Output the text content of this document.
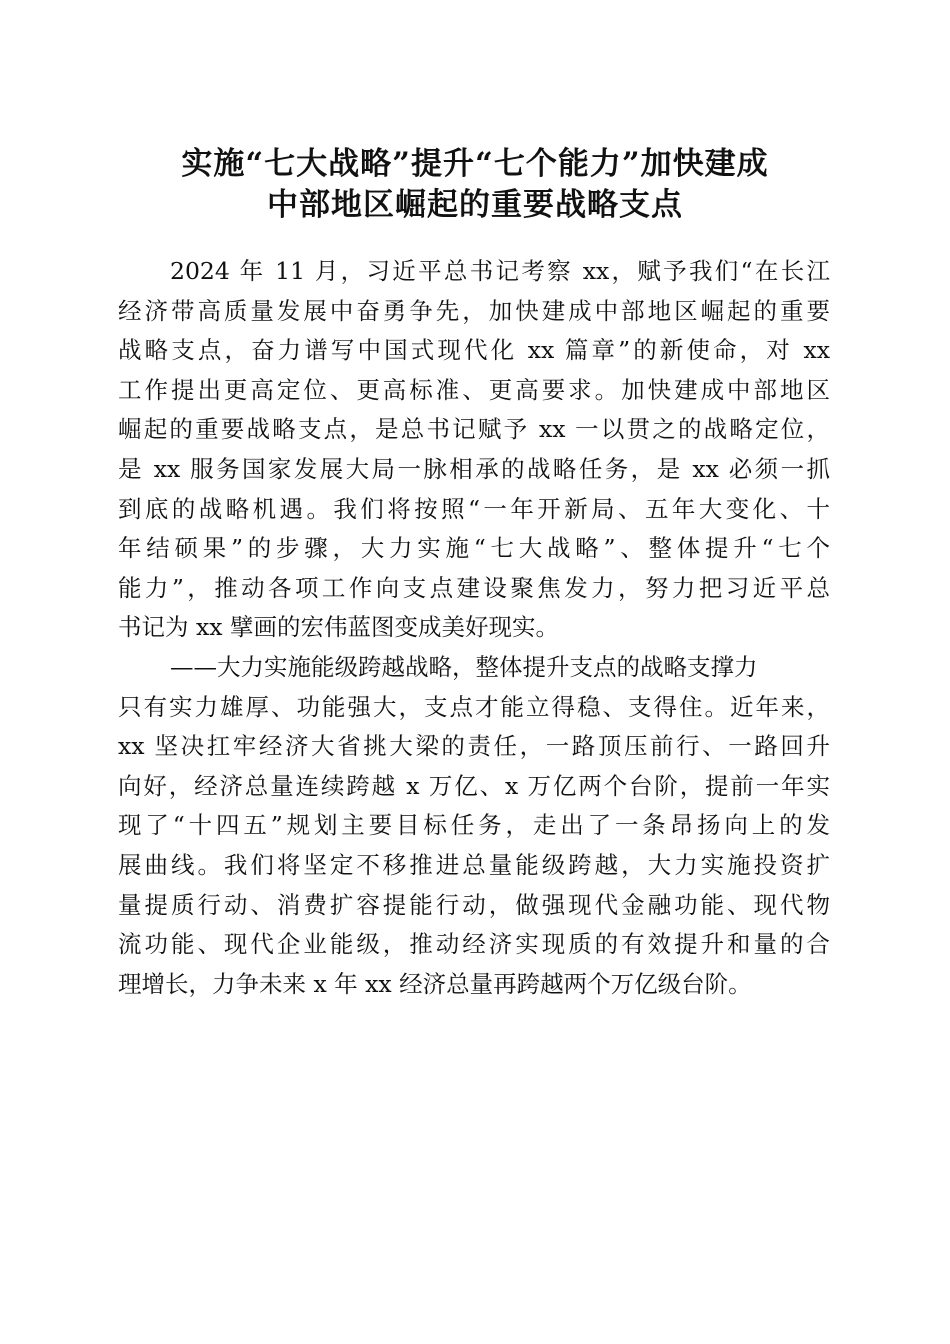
实施“七大战略”提升“七个能力”加快建成
中部地区崛起的重要战略支点
2024 年 11 月，习近平总书记考察 xx，赋予我们“在长江
经济带高质量发展中奋勇争先，加快建成中部地区崛起的重要
战略支点，奋力谱写中国式现代化 xx 篇章”的新使命，对 xx
工作提出更高定位、更高标准、更高要求。加快建成中部地区
崛起的重要战略支点，是总书记赋予 xx 一以贯之的战略定位，
是 xx 服务国家发展大局一脉相承的战略任务，是 xx 必须一抓
到底的战略机遇。我们将按照“一年开新局、五年大变化、十
年结硕果”的步骤，大力实施“七大战略”、整体提升“七个
能力”，推动各项工作向支点建设聚焦发力，努力把习近平总
书记为 xx 擘画的宏伟蓝图变成美好现实。
——大力实施能级跨越战略，整体提升支点的战略支撑力
只有实力雄厚、功能强大，支点才能立得稳、支得住。近年来，
xx 坚决扛牢经济大省挑大梁的责任，一路顶压前行、一路回升
向好，经济总量连续跨越 x 万亿、x 万亿两个台阶，提前一年实
现了“十四五”规划主要目标任务，走出了一条昂扬向上的发
展曲线。我们将坚定不移推进总量能级跨越，大力实施投资扩
量提质行动、消费扩容提能行动，做强现代金融功能、现代物
流功能、现代企业能级，推动经济实现质的有效提升和量的合
理增长，力争未来 x 年 xx 经济总量再跨越两个万亿级台阶。
